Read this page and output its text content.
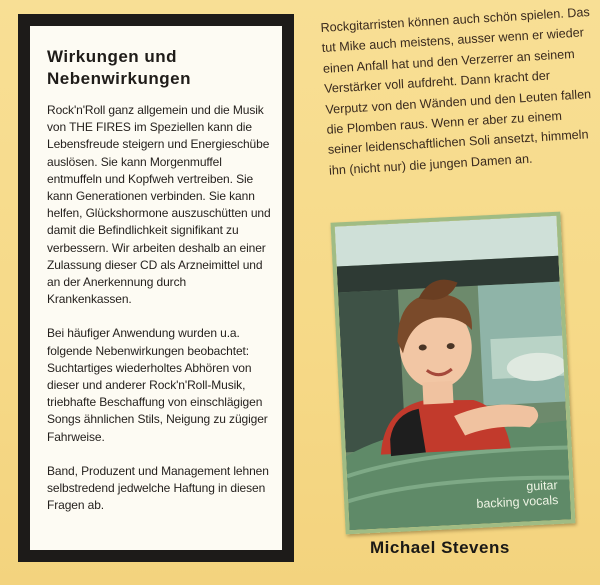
Wirkungen und Nebenwirkungen

Rock'n'Roll ganz allgemein und die Musik von THE FIRES im Speziellen kann die Lebensfreude steigern und Energieschübe auslösen. Sie kann Morgenmuffel entmuffeln und Kopfweh vertreiben. Sie kann Generationen verbinden. Sie kann helfen, Glückshormone auszuschütten und damit die Befindlichkeit signifikant zu verbessern. Wir arbeiten deshalb an einer Zulassung dieser CD als Arzneimittel und an der Anerkennung durch Krankenkassen.

Bei häufiger Anwendung wurden u.a. folgende Nebenwirkungen beobachtet: Suchtartiges wiederholtes Abhören von dieser und anderer Rock'n'Roll-Musik, triebhafte Beschaffung von einschlägigen Songs ähnlichen Stils, Neigung zu zügiger Fahrweise.

Band, Produzent und Management lehnen selbstredend jedwelche Haftung in diesen Fragen ab.

Rockgitarristen können auch schön spielen. Das tut Mike auch meistens, ausser wenn er wieder einen Anfall hat und den Verzerrer an seinem Verstärker voll aufdreht. Dann kracht der Verputz von den Wänden und den Leuten fallen die Plomben raus. Wenn er aber zu einem seiner leidenschaftlichen Soli ansetzt, himmeln ihn (nicht nur) die jungen Damen an.
guitar
backing vocals
Michael Stevens
